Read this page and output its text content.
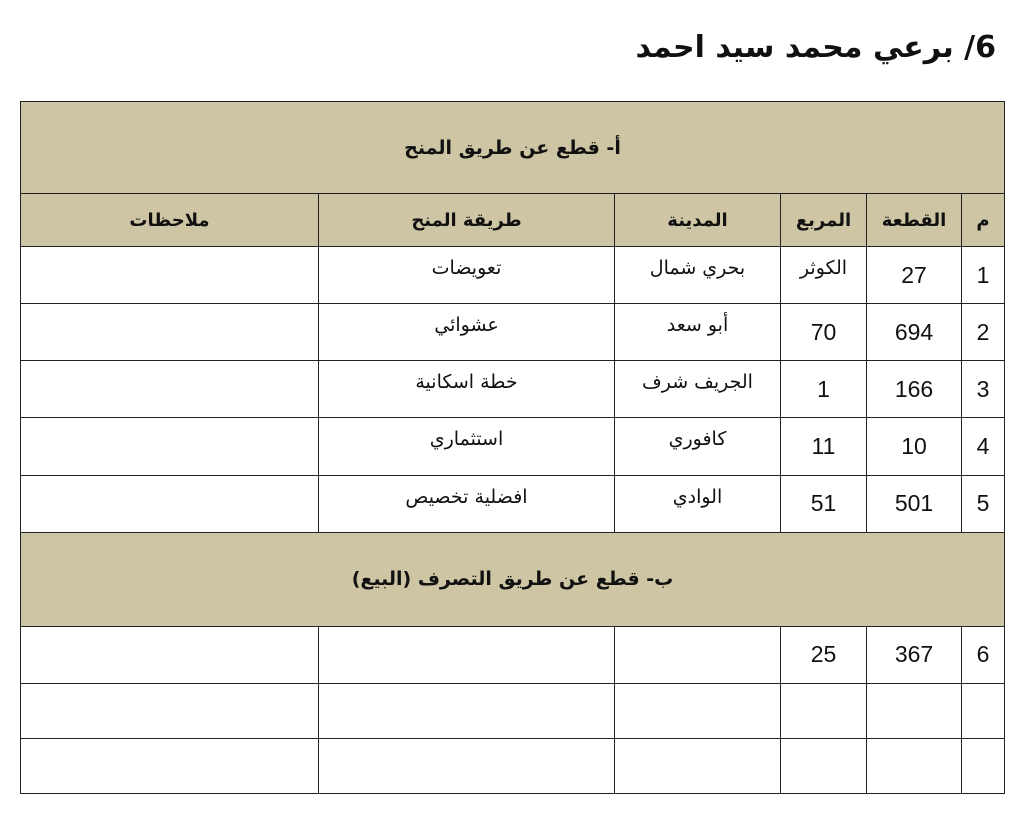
6/ برعي محمد سيد احمد
أ- قطع عن طريق المنح					
م	القطعة	المربع	المدينة	طريقة المنح	ملاحظات
1	27	الكوثر	بحري شمال	تعويضات	
2	694	70	أبو سعد	عشوائي	
3	166	1	الجريف شرف	خطة اسكانية	
4	10	11	كافوري	استثماري	
5	501	51	الوادي	افضلية تخصيص	
ب- قطع عن طريق التصرف (البيع)					
6	367	25			
